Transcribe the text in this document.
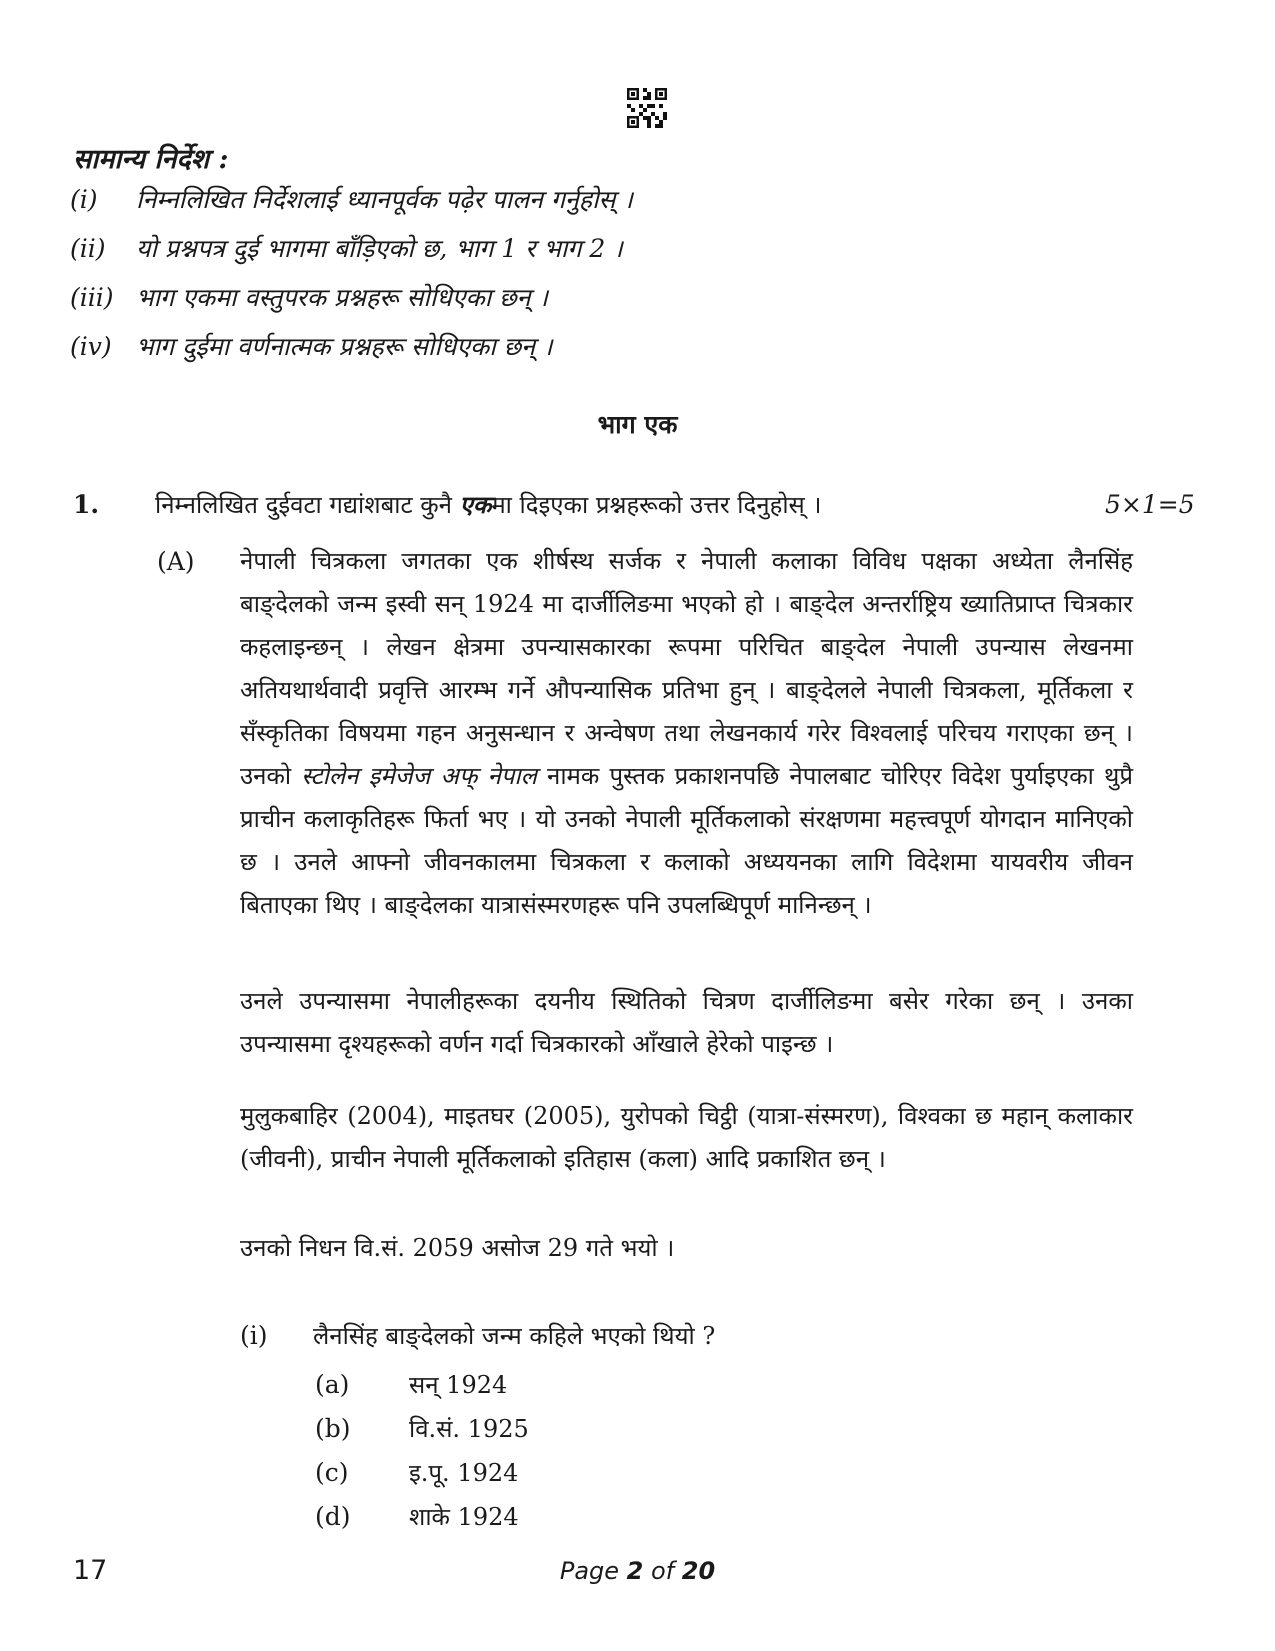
सामान्य निर्देश :

(i) निम्नलिखित निर्देशलाई ध्यानपूर्वक पढ़ेर पालन गर्नुहोस् ।

(ii) यो प्रश्नपत्र दुई भागमा बाँड़िएको छ, भाग 1 र भाग 2 ।

(iii) भाग एकमा वस्तुपरक प्रश्नहरू सोधिएका छन् ।

(iv) भाग दुईमा वर्णनात्मक प्रश्नहरू सोधिएका छन् ।

भाग एक

1. निम्नलिखित दुईवटा गद्यांशबाट कुनै एकमा दिइएका प्रश्नहरूको उत्तर दिनुहोस् ।	5×1=5
(A) नेपाली चित्रकला जगतका एक शीर्षस्थ सर्जक र नेपाली कलाका विविध पक्षका अध्येता लैनसिंह बाङ्‌देलको जन्म इस्वी सन् 1924 मा दार्जीलिङमा भएको हो । बाङ्‌देल अन्तर्राष्ट्रिय ख्यातिप्राप्त चित्रकार कहलाइन्छन् । लेखन क्षेत्रमा उपन्यासकारका रूपमा परिचित बाङ्‌देल नेपाली उपन्यास लेखनमा अतियथार्थवादी प्रवृत्ति आरम्भ गर्ने औपन्यासिक प्रतिभा हुन् । बाङ्‌देलले नेपाली चित्रकला, मूर्तिकला र सँस्कृतिका विषयमा गहन अनुसन्धान र अन्वेषण तथा लेखनकार्य गरेर विश्वलाई परिचय गराएका छन् । उनको स्टोलेन इमेजेज अफ् नेपाल नामक पुस्तक प्रकाशनपछि नेपालबाट चोरिएर विदेश पुर्याइएका थुप्रै प्राचीन कलाकृतिहरू फिर्ता भए । यो उनको नेपाली मूर्तिकलाको संरक्षणमा महत्त्वपूर्ण योगदान मानिएको छ । उनले आफ्नो जीवनकालमा चित्रकला र कलाको अध्ययनका लागि विदेशमा यायवरीय जीवन बिताएका थिए । बाङ्‌देलका यात्रासंस्मरणहरू पनि उपलब्धिपूर्ण मानिन्छन् ।

उनले उपन्यासमा नेपालीहरूका दयनीय स्थितिको चित्रण दार्जीलिङमा बसेर गरेका छन् । उनका उपन्यासमा दृश्यहरूको वर्णन गर्दा चित्रकारको आँखाले हेरेको पाइन्छ ।

मुलुकबाहिर (2004), माइतघर (2005), युरोपको चिट्ठी (यात्रा-संस्मरण), विश्वका छ महान् कलाकार (जीवनी), प्राचीन नेपाली मूर्तिकलाको इतिहास (कला) आदि प्रकाशित छन् ।

उनको निधन वि.सं. 2059 असोज 29 गते भयो ।

(i) लैनसिंह बाङ्‌देलको जन्म कहिले भएको थियो ?
(a) सन् 1924
(b) वि.सं. 1925
(c)	इ.पू. 1924
(d) शाके 1924
17	Page 2 of 20
